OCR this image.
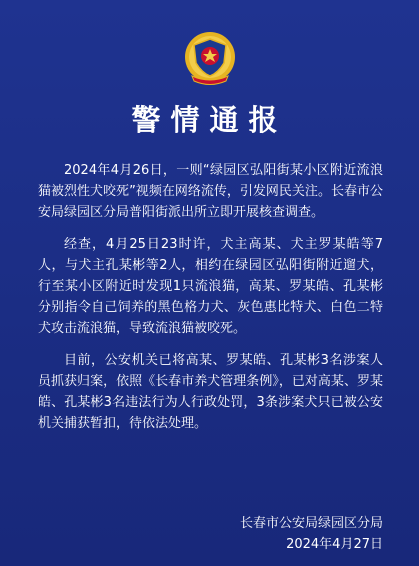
警情通报

2024年4月26日，一则“绿园区弘阳街某小区附近流浪猫被烈性犬咬死”视频在网络流传，引发网民关注。长春市公安局绿园区分局普阳街派出所立即开展核查调查。

经查，4月25日23时许，犬主高某、犬主罗某皓等7人，与犬主孔某彬等2人，相约在绿园区弘阳街附近遛犬，行至某小区附近时发现1只流浪猫，高某、罗某皓、孔某彬分别指令自己饲养的黑色格力犬、灰色惠比特犬、白色二特犬攻击流浪猫，导致流浪猫被咬死。

目前，公安机关已将高某、罗某皓、孔某彬3名涉案人员抓获归案，依照《长春市养犬管理条例》，已对高某、罗某皓、孔某彬3名违法行为人行政处罚，3条涉案犬只已被公安机关捕获暂扣，待依法处理。

长春市公安局绿园区分局
2024年4月27日
